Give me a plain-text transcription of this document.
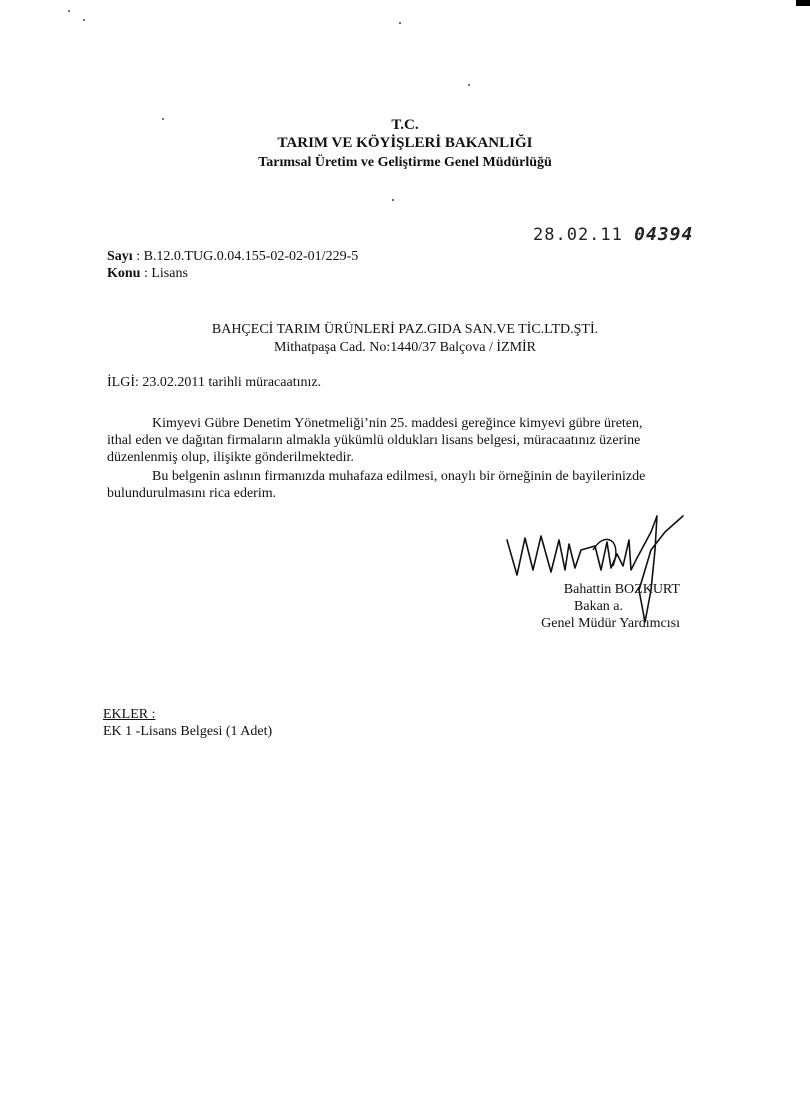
T.C.
TARIM VE KÖYİŞLERİ BAKANLIĞI
Tarımsal Üretim ve Geliştirme Genel Müdürlüğü
28.02.11 04394
Sayı : B.12.0.TUG.0.04.155-02-02-01/229-5
Konu : Lisans
BAHÇECİ TARIM ÜRÜNLERİ PAZ.GIDA SAN.VE TİC.LTD.ŞTİ.
Mithatpaşa Cad. No:1440/37 Balçova / İZMİR
İLGİ: 23.02.2011 tarihli müracaatınız.
Kimyevi Gübre Denetim Yönetmeliği’nin 25. maddesi gereğince kimyevi gübre üreten,
ithal eden ve dağıtan firmaların almakla yükümlü oldukları lisans belgesi, müracaatınız üzerine
düzenlenmiş olup, ilişikte gönderilmektedir.
Bu belgenin aslının firmanızda muhafaza edilmesi, onaylı bir örneğinin de bayilerinizde
bulundurulmasını rica ederim.
Bahattin BOZKURT
Bakan a.
Genel Müdür Yardımcısı
EKLER :
EK 1 -Lisans Belgesi (1 Adet)
